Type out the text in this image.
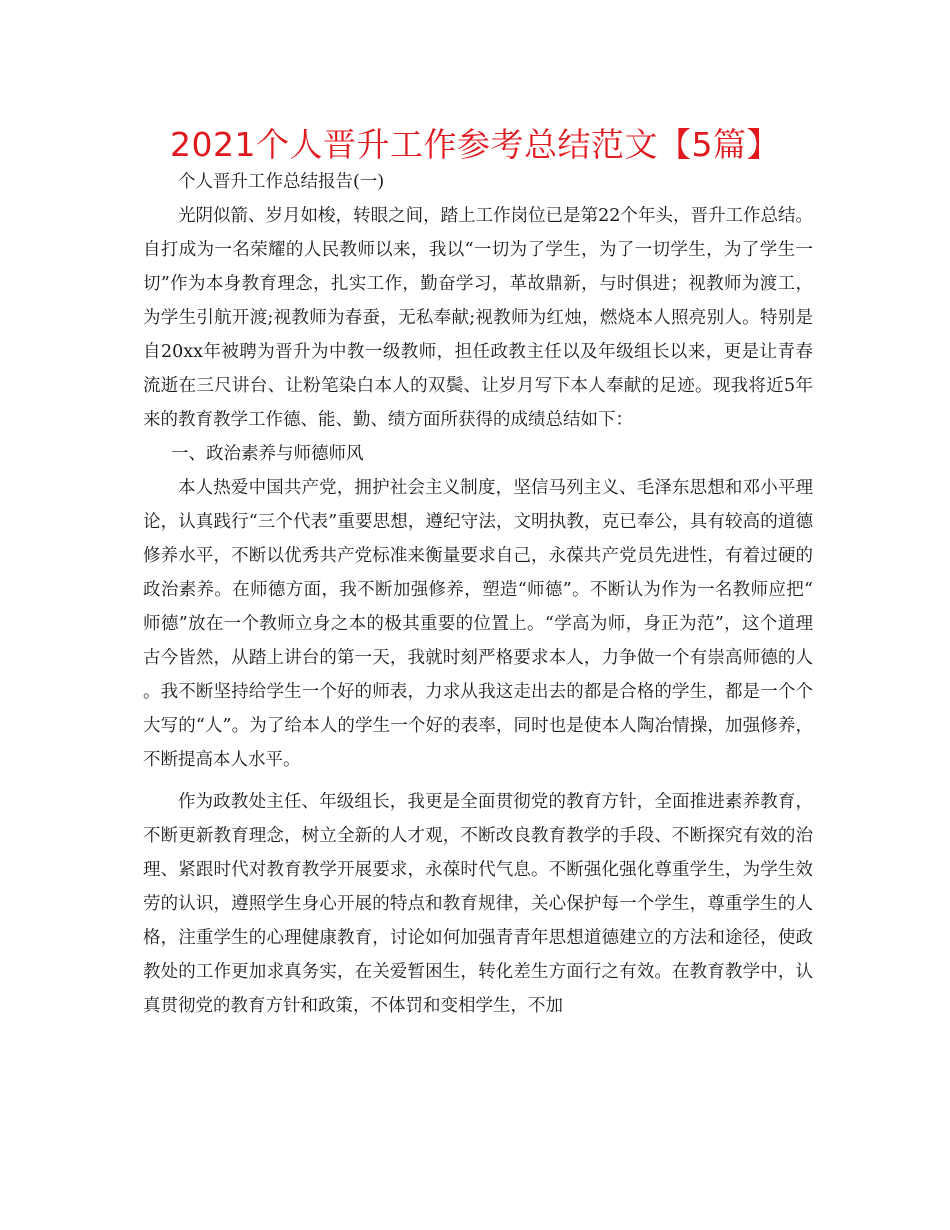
2021个人晋升工作参考总结范文【5篇】

个人晋升工作总结报告(一)

光阴似箭、岁月如梭，转眼之间，踏上工作岗位已是第22个年头，晋升工作总结。自打成为一名荣耀的人民教师以来，我以“一切为了学生，为了一切学生，为了学生一切”作为本身教育理念，扎实工作，勤奋学习，革故鼎新，与时俱进；视教师为渡工，为学生引航开渡;视教师为春蚕，无私奉献;视教师为红烛，燃烧本人照亮别人。特别是自20xx年被聘为晋升为中教一级教师，担任政教主任以及年级组长以来，更是让青春流逝在三尺讲台、让粉笔染白本人的双鬓、让岁月写下本人奉献的足迹。现我将近5年来的教育教学工作德、能、勤、绩方面所获得的成绩总结如下：

一、政治素养与师德师风

本人热爱中国共产党，拥护社会主义制度，坚信马列主义、毛泽东思想和邓小平理论，认真践行“三个代表”重要思想，遵纪守法，文明执教，克已奉公，具有较高的道德修养水平，不断以优秀共产党标准来衡量要求自己，永葆共产党员先进性，有着过硬的政治素养。在师德方面，我不断加强修养，塑造“师德”。不断认为作为一名教师应把“师德”放在一个教师立身之本的极其重要的位置上。“学高为师，身正为范”，这个道理古今皆然，从踏上讲台的第一天，我就时刻严格要求本人，力争做一个有崇高师德的人。我不断坚持给学生一个好的师表，力求从我这走出去的都是合格的学生，都是一个个大写的“人”。为了给本人的学生一个好的表率，同时也是使本人陶冶情操，加强修养，不断提高本人水平。

作为政教处主任、年级组长，我更是全面贯彻党的教育方针，全面推进素养教育，不断更新教育理念，树立全新的人才观，不断改良教育教学的手段、不断探究有效的治理、紧跟时代对教育教学开展要求，永葆时代气息。不断强化强化尊重学生，为学生效劳的认识，遵照学生身心开展的特点和教育规律，关心保护每一个学生，尊重学生的人格，注重学生的心理健康教育，讨论如何加强青青年思想道德建立的方法和途径，使政教处的工作更加求真务实，在关爱暂困生，转化差生方面行之有效。在教育教学中，认真贯彻党的教育方针和政策，不体罚和变相学生，不加
